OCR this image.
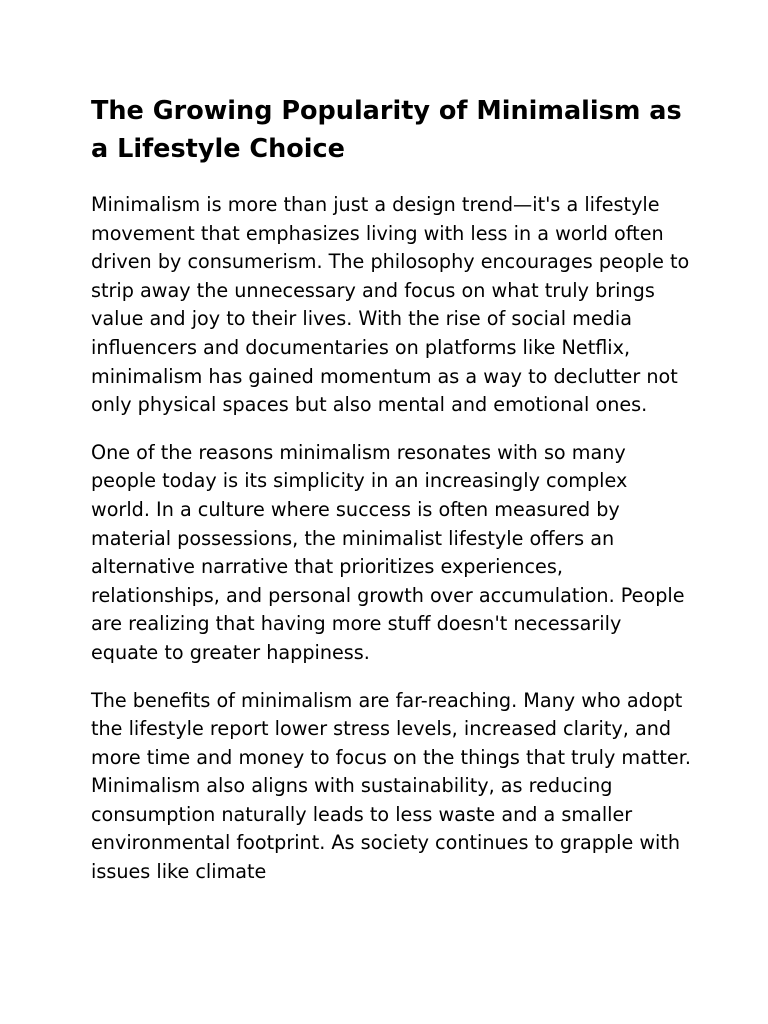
The Growing Popularity of Minimalism as a Lifestyle Choice

Minimalism is more than just a design trend—it's a lifestyle movement that emphasizes living with less in a world often driven by consumerism. The philosophy encourages people to strip away the unnecessary and focus on what truly brings value and joy to their lives. With the rise of social media influencers and documentaries on platforms like Netflix, minimalism has gained momentum as a way to declutter not only physical spaces but also mental and emotional ones.

One of the reasons minimalism resonates with so many people today is its simplicity in an increasingly complex world. In a culture where success is often measured by material possessions, the minimalist lifestyle offers an alternative narrative that prioritizes experiences, relationships, and personal growth over accumulation. People are realizing that having more stuff doesn't necessarily equate to greater happiness.

The benefits of minimalism are far-reaching. Many who adopt the lifestyle report lower stress levels, increased clarity, and more time and money to focus on the things that truly matter. Minimalism also aligns with sustainability, as reducing consumption naturally leads to less waste and a smaller environmental footprint. As society continues to grapple with issues like climate
